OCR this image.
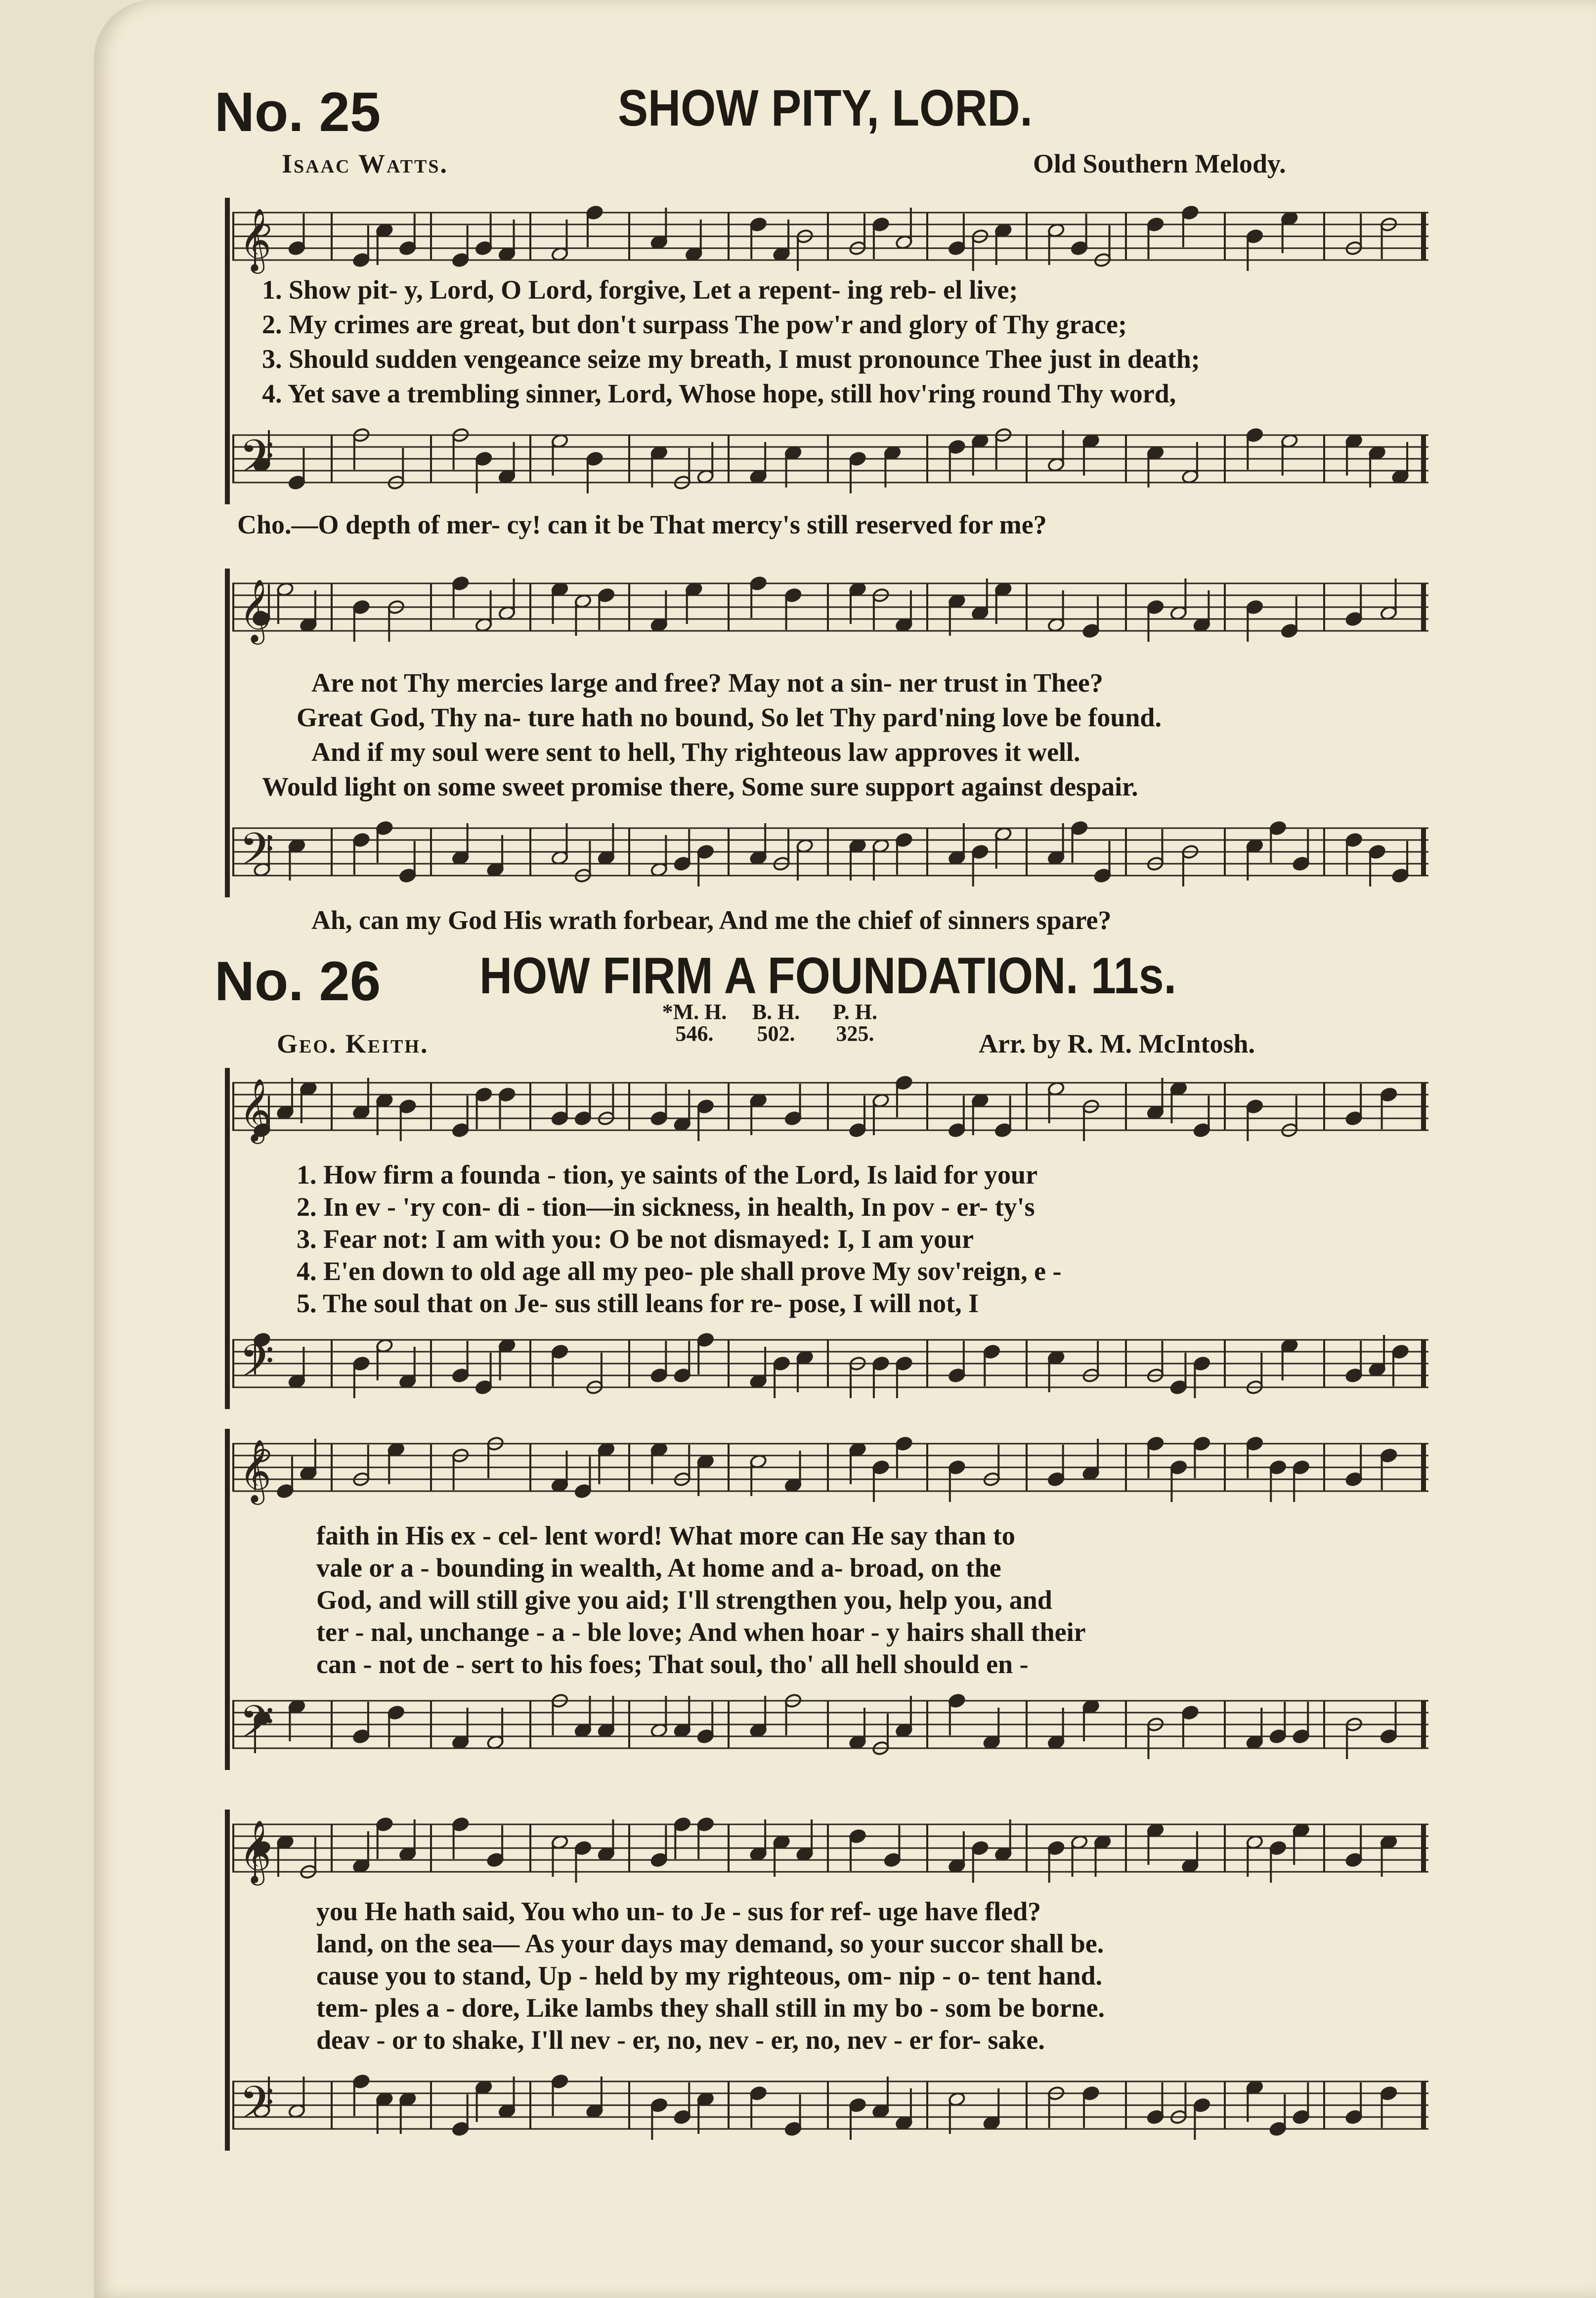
No. 25	SHOW PITY, LORD.
Isaac Watts.	Old Southern Melody.
𝄞
1. Show pit- y, Lord, O Lord, forgive, Let a repent- ing reb- el live;
2. My crimes are great, but don't surpass The pow'r and glory of Thy grace;
3. Should sudden vengeance seize my breath, I must pronounce Thee just in death;
4. Yet save a trembling sinner, Lord, Whose hope, still hov'ring round Thy word,
𝄢
Cho.—O depth of mer- cy! can it be That mercy's still reserved for me?
𝄞
Are not Thy mercies large and free? May not a sin- ner trust in Thee?
Great God, Thy na- ture hath no bound, So let Thy pard'ning love be found.
And if my soul were sent to hell, Thy righteous law approves it well.
Would light on some sweet promise there, Some sure support against despair.
𝄢
Ah, can my God His wrath forbear, And me the chief of sinners spare?
No. 26 HOW FIRM A FOUNDATION. 11s.
Geo. Keith.
*M. H.
546.
B. H.
502.
P. H.
325.	Arr. by R. M. McIntosh.
𝄞
1. How firm a founda - tion, ye saints of the Lord, Is laid for your
2. In ev - 'ry con- di - tion—in sickness, in health, In pov - er- ty's
3. Fear not: I am with you: O be not dismayed: I, I am your
4. E'en down to old age all my peo- ple shall prove My sov'reign, e -
5. The soul that on Je- sus still leans for re- pose, I will not, I
𝄢
𝄞
faith in His ex - cel- lent word! What more can He say than to
vale or a - bounding in wealth, At home and a- broad, on the
God, and will still give you aid; I'll strengthen you, help you, and
ter - nal, unchange - a - ble love; And when hoar - y hairs shall their
can - not de - sert to his foes; That soul, tho' all hell should en -
𝄢
𝄞
you He hath said, You who un- to Je - sus for ref- uge have fled?
land, on the sea— As your days may demand, so your succor shall be.
cause you to stand, Up - held by my righteous, om- nip - o- tent hand.
tem- ples a - dore, Like lambs they shall still in my bo - som be borne.
deav - or to shake, I'll nev - er, no, nev - er, no, nev - er for- sake.
𝄢
